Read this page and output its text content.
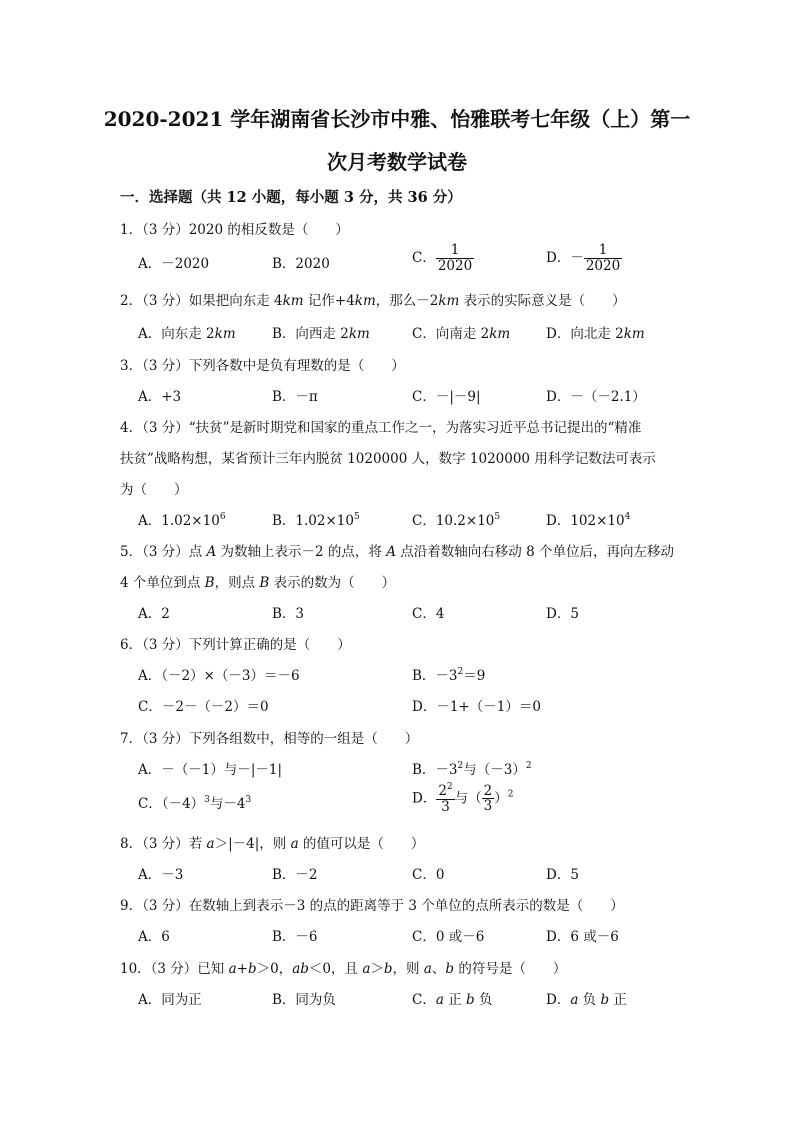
2020-2021 学年湖南省长沙市中雅、怡雅联考七年级（上）第一
次月考数学试卷
一．选择题（共 12 小题，每小题 3 分，共 36 分）
1．（3 分）2020 的相反数是（　　）
A．－2020	B．2020	C． $\frac{1}{2020}$	D．－ $\frac{1}{2020}$
2．（3 分）如果把向东走 4km 记作+4km，那么－2km 表示的实际意义是（　　）
A．向东走 2km	B．向西走 2km	C．向南走 2km	D．向北走 2km
3．（3 分）下列各数中是负有理数的是（　　）
A．+3	B．－π	C．－|－9|	D．－（－2.1）
4．（3 分）“扶贫”是新时期党和国家的重点工作之一，为落实习近平总书记提出的“精准
扶贫”战略构想，某省预计三年内脱贫 1020000 人，数字 1020000 用科学记数法可表示
为（　　）
A．$1.02\times 10^6$	B．$1.02\times 10^5$	C．$10.2\times 10^5$	D．$102\times 10^4$
5．（3 分）点 A 为数轴上表示－2 的点，将 A 点沿着数轴向右移动 8 个单位后，再向左移动
4 个单位到点 B，则点 B 表示的数为（　　）
A．2	B．3	C．4	D．5
6．（3 分）下列计算正确的是（　　）
A．（－2）×（－3）＝－6	B．$-3^2=9$
C．－2－（－2）＝0	D．－1+（－1）＝0
7．（3 分）下列各组数中，相等的一组是（　　）
A．－（－1）与－|－1|	B．$-3^2$与$(-3)^2$
C．$(-4)^3$与$-4^3$	D． $\frac{2^2}{3}$ 与（ $\frac{2}{3} )^2$
8．（3 分）若 a＞|－4|，则 a 的值可以是（　　）
A．－3	B．－2	C．0	D．5
9．（3 分）在数轴上到表示－3 的点的距离等于 3 个单位的点所表示的数是（　　）
A．6	B．－6	C．0 或－6	D．6 或－6
10．（3 分）已知 a+b＞0，ab＜0，且 a＞b，则 a、b 的符号是（　　）
A．同为正	B．同为负	C．a 正 b 负	D．a 负 b 正
